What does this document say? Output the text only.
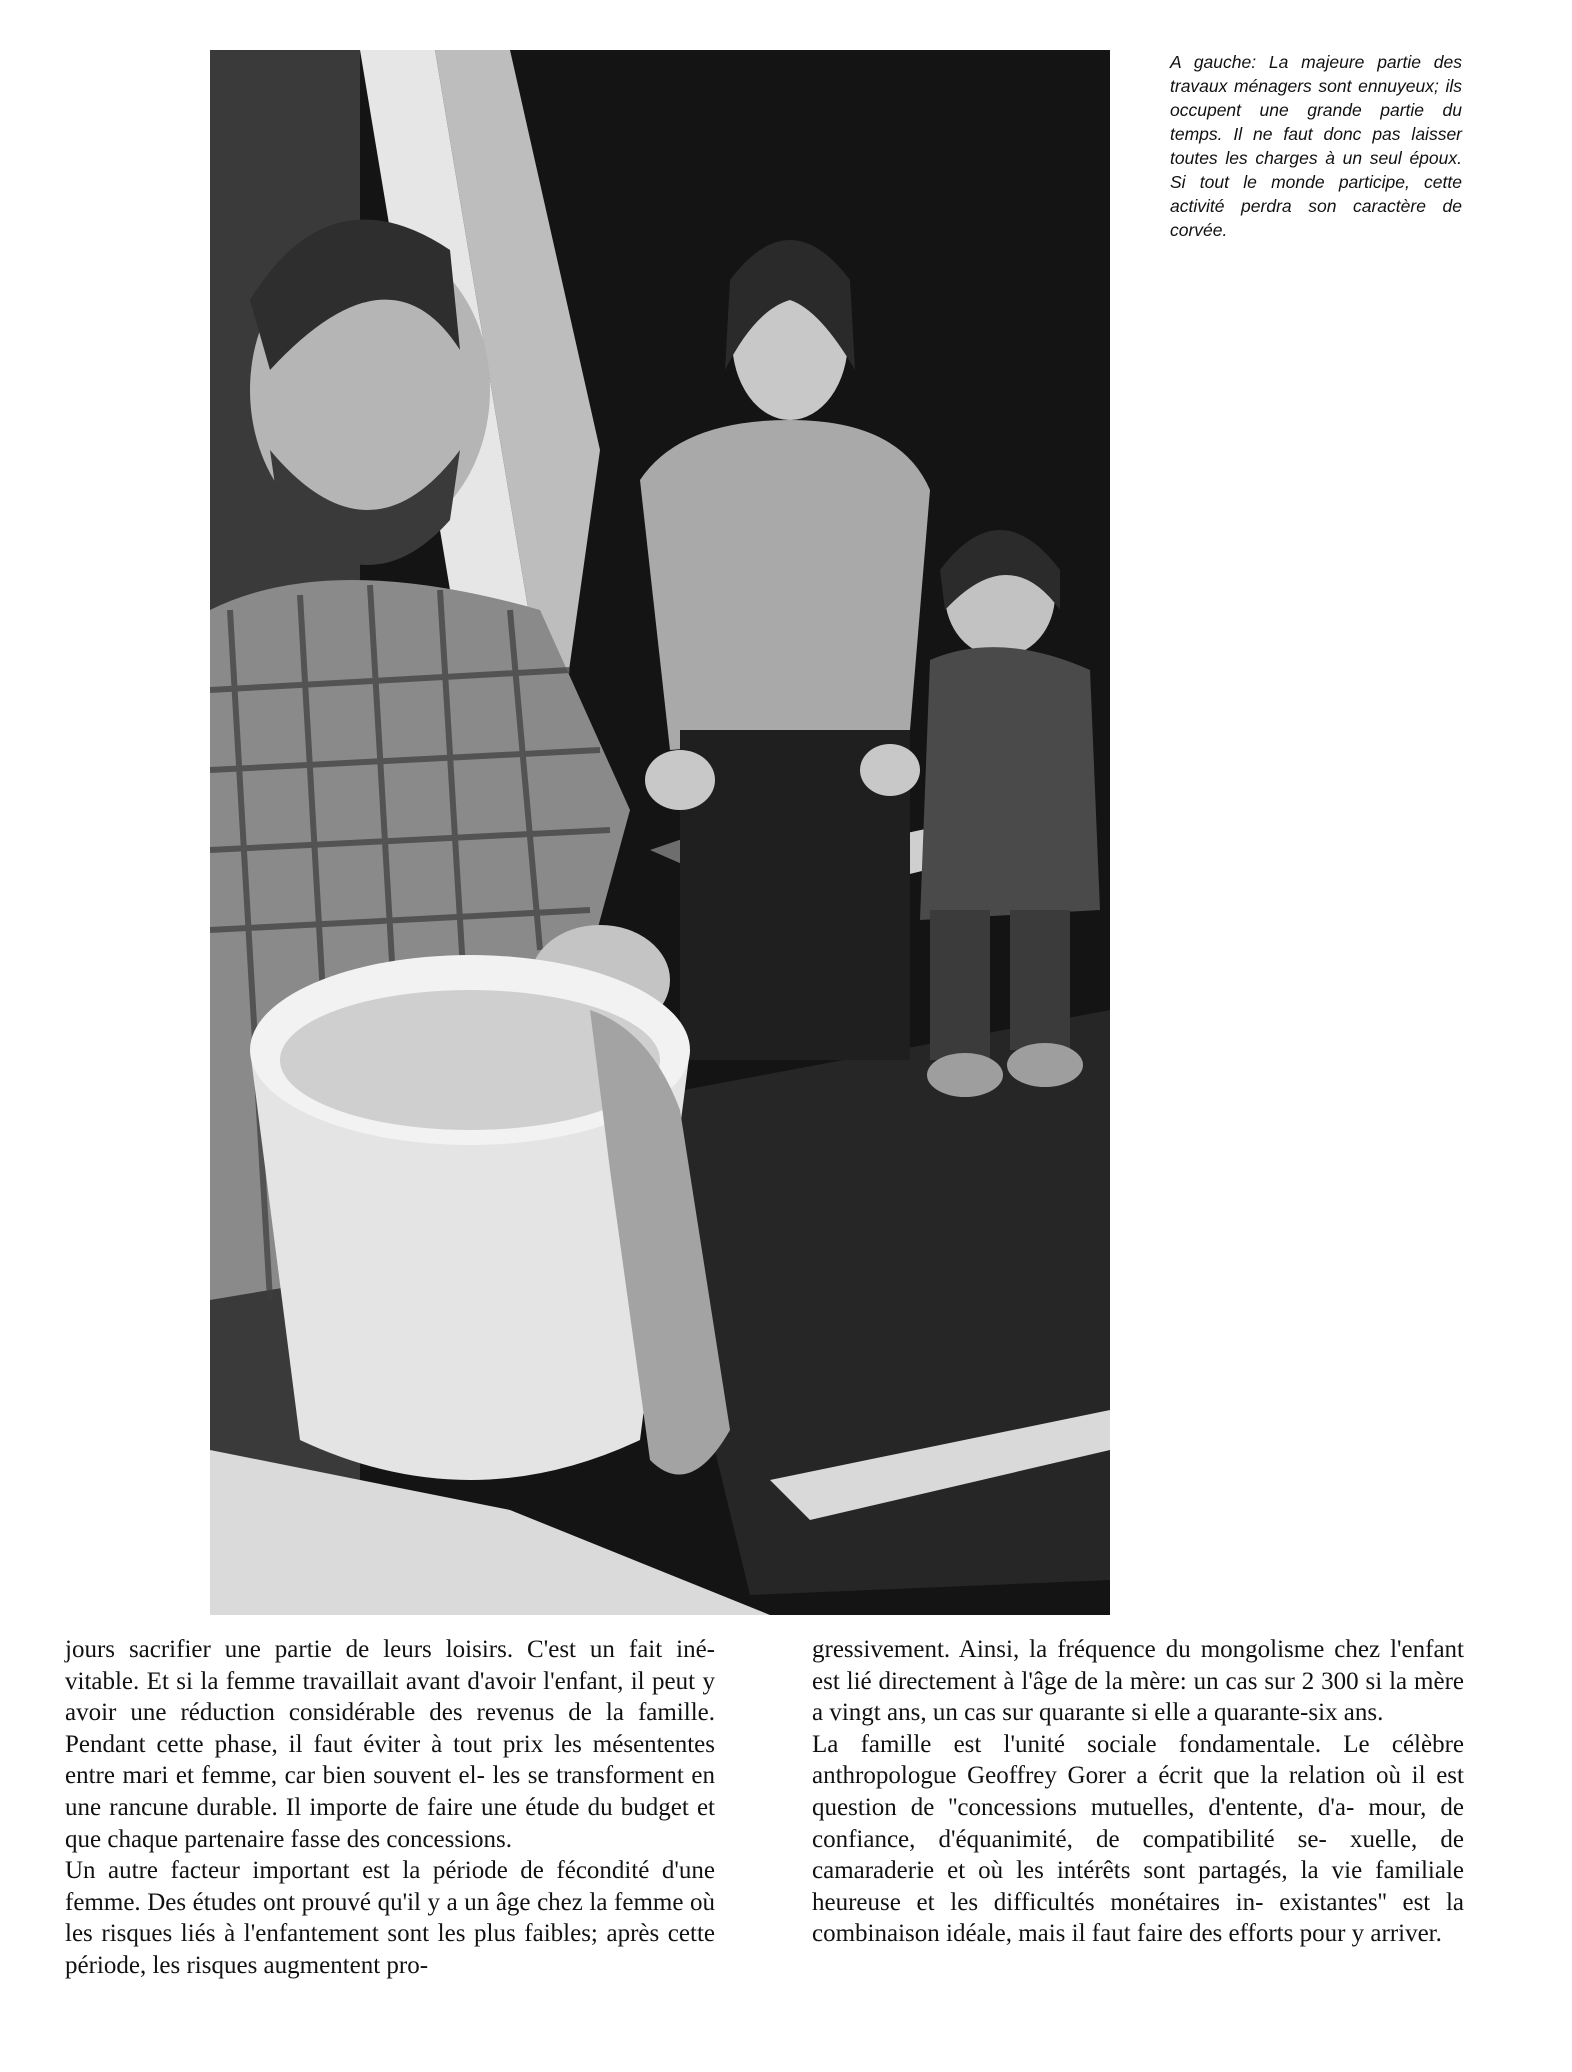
A gauche: La majeure partie des travaux ménagers sont ennuyeux; ils occupent une grande partie du temps. Il ne faut donc pas laisser toutes les charges à un seul époux. Si tout le monde participe, cette activité perdra son caractère de corvée.

jours sacrifier une partie de leurs loisirs. C'est un fait iné- vitable. Et si la femme travaillait avant d'avoir l'enfant, il peut y avoir une réduction considérable des revenus de la famille. Pendant cette phase, il faut éviter à tout prix les mésententes entre mari et femme, car bien souvent el- les se transforment en une rancune durable. Il importe de faire une étude du budget et que chaque partenaire fasse des concessions.

Un autre facteur important est la période de fécondité d'une femme. Des études ont prouvé qu'il y a un âge chez la femme où les risques liés à l'enfantement sont les plus faibles; après cette période, les risques augmentent pro-

gressivement. Ainsi, la fréquence du mongolisme chez l'enfant est lié directement à l'âge de la mère: un cas sur 2 300 si la mère a vingt ans, un cas sur quarante si elle a quarante-six ans.

La famille est l'unité sociale fondamentale. Le célèbre anthropologue Geoffrey Gorer a écrit que la relation où il est question de ''concessions mutuelles, d'entente, d'a- mour, de confiance, d'équanimité, de compatibilité se- xuelle, de camaraderie et où les intérêts sont partagés, la vie familiale heureuse et les difficultés monétaires in- existantes'' est la combinaison idéale, mais il faut faire des efforts pour y arriver.
